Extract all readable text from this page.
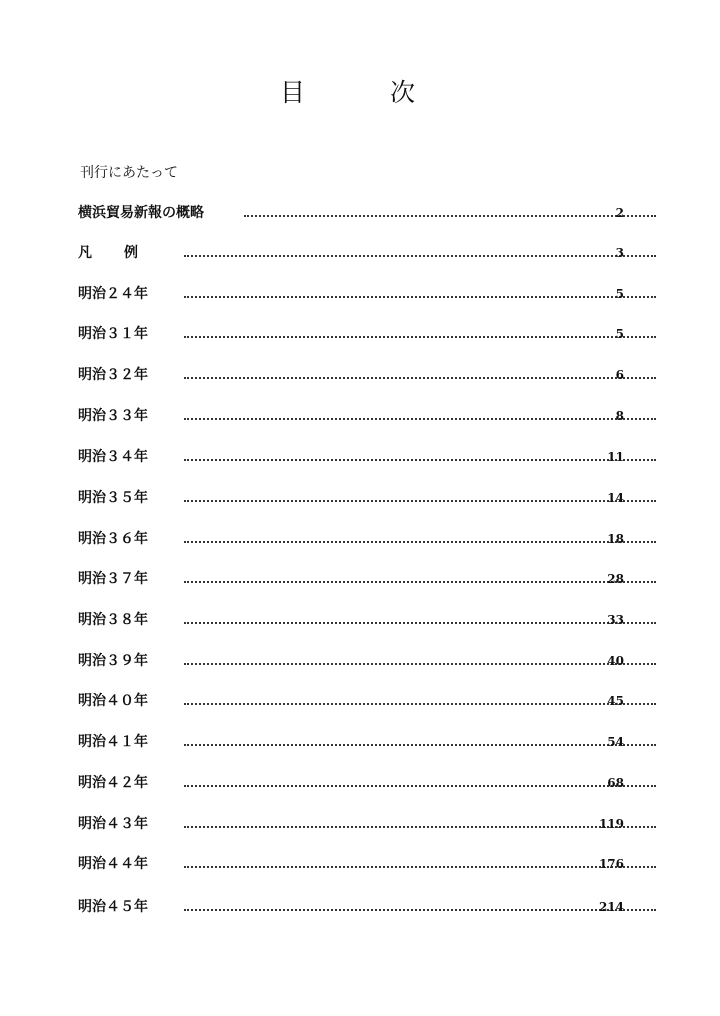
目	次
刊行にあたって
横浜貿易新報の概略	2
凡 例	3
明治２４年	5
明治３１年	5
明治３２年	6
明治３３年	8
明治３４年	11
明治３５年	14
明治３６年	18
明治３７年	28
明治３８年	33
明治３９年	40
明治４０年	45
明治４１年	54
明治４２年	68
明治４３年	119
明治４４年	176
明治４５年	214
